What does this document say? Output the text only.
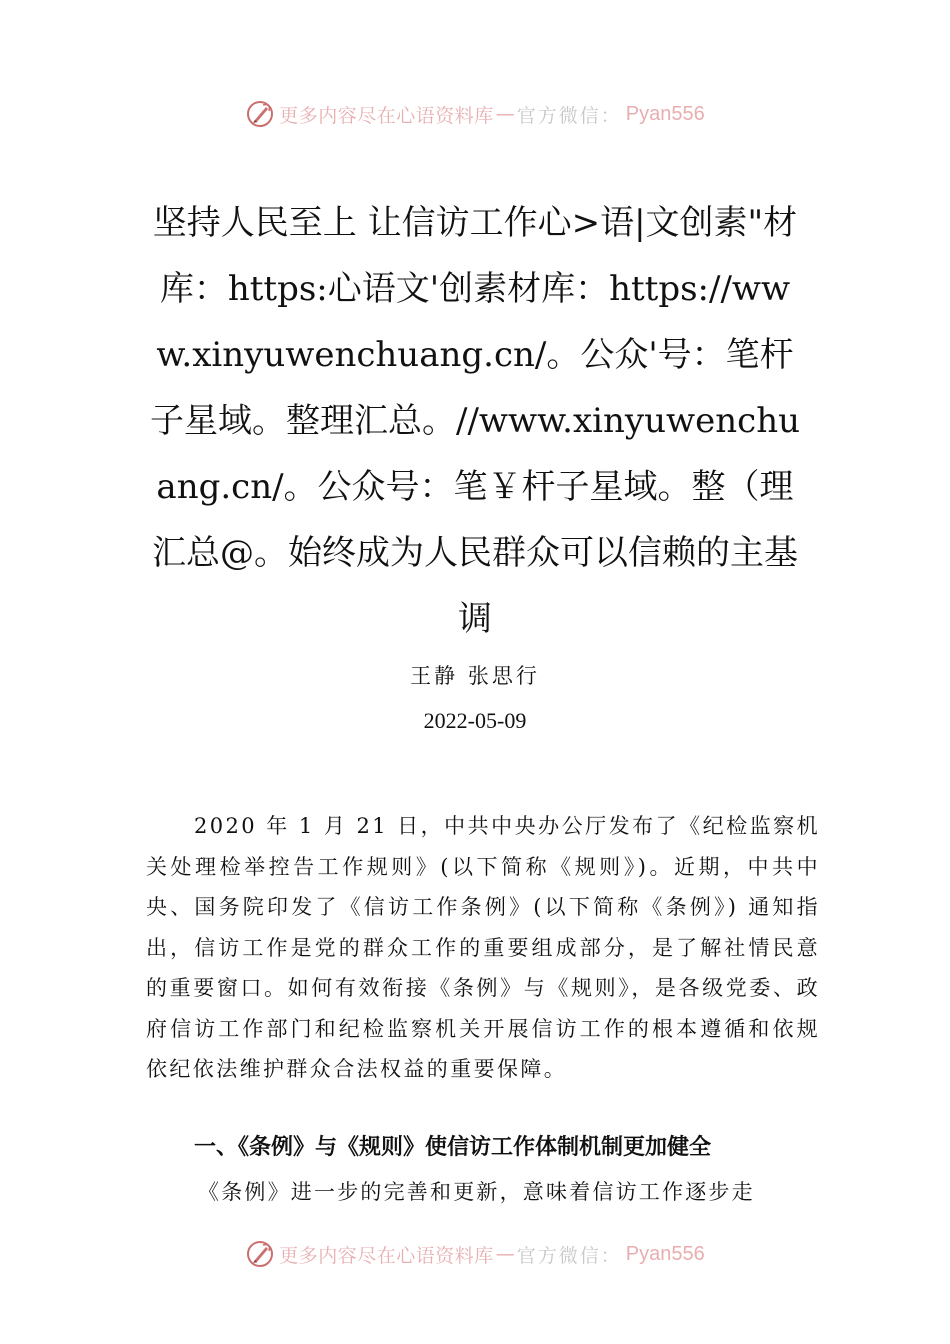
更多内容尽在心语资料库 — 官方微信： Pyan556
坚持人民至上 让信访工作心>语|文创素"材库：https:心语文'创素材库：https://www.xinyuwenchuang.cn/。公众'号：笔杆子星域。整理汇总。//www.xinyuwenchuang.cn/。公众号：笔￥杆子星域。整（理汇总@。始终成为人民群众可以信赖的主基调
王静 张思行
2022-05-09

2020 年 1 月 21 日，中共中央办公厅发布了《纪检监察机关处理检举控告工作规则》(以下简称《规则》)。近期，中共中央、国务院印发了《信访工作条例》(以下简称《条例》) 通知指出，信访工作是党的群众工作的重要组成部分，是了解社情民意的重要窗口。如何有效衔接《条例》与《规则》，是各级党委、政府信访工作部门和纪检监察机关开展信访工作的根本遵循和依规依纪依法维护群众合法权益的重要保障。

一、《条例》与《规则》使信访工作体制机制更加健全

《条例》进一步的完善和更新，意味着信访工作逐步走

更多内容尽在心语资料库 — 官方微信： Pyan556
